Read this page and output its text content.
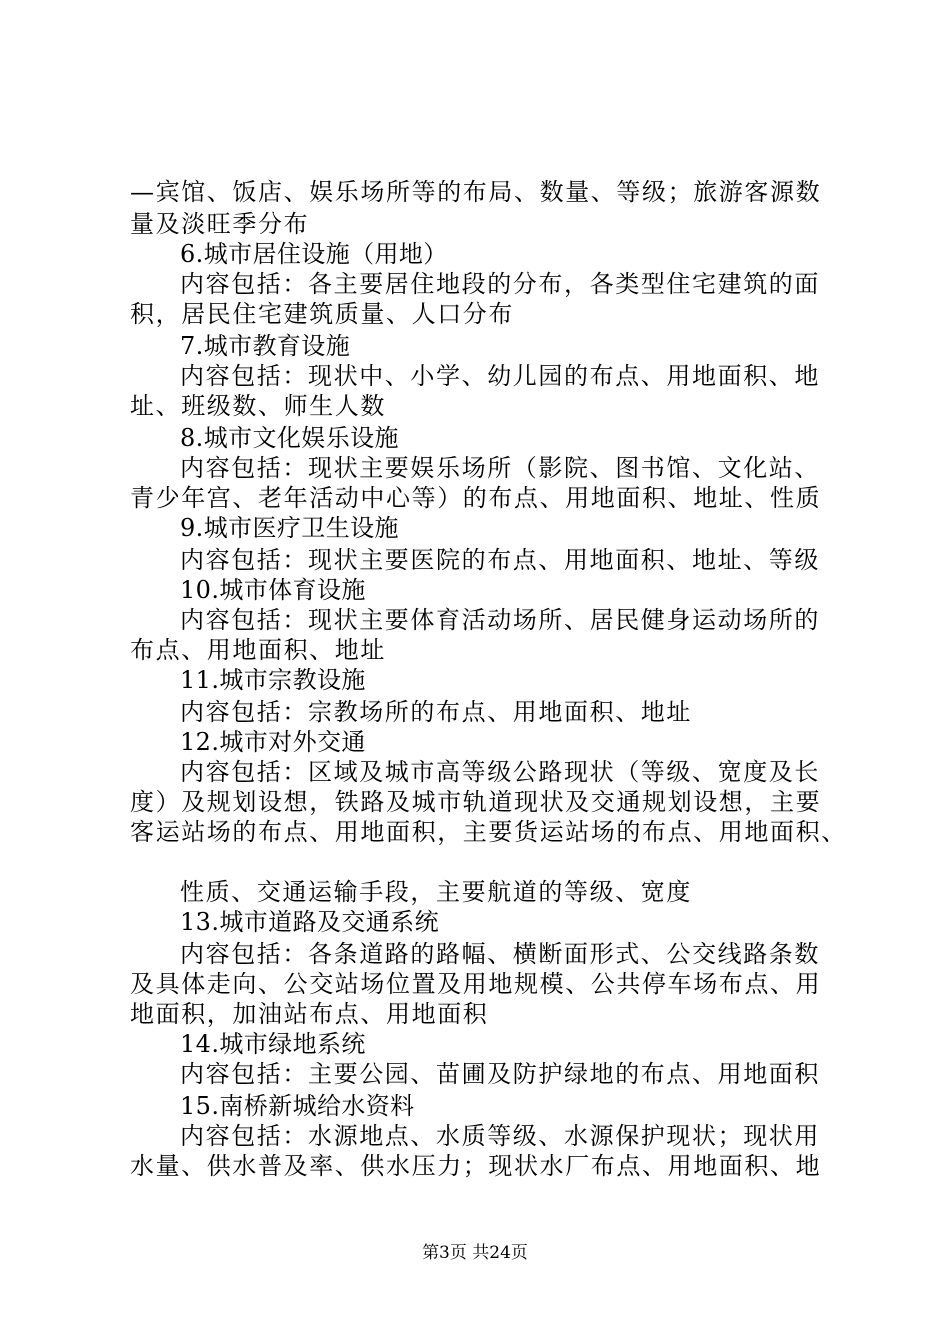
—宾馆、饭店、娱乐场所等的布局、数量、等级；旅游客源数
量及淡旺季分布
6.城市居住设施（用地）
内容包括：各主要居住地段的分布，各类型住宅建筑的面
积，居民住宅建筑质量、人口分布
7.城市教育设施
内容包括：现状中、小学、幼儿园的布点、用地面积、地
址、班级数、师生人数
8.城市文化娱乐设施
内容包括：现状主要娱乐场所（影院、图书馆、文化站、
青少年宫、老年活动中心等）的布点、用地面积、地址、性质
9.城市医疗卫生设施
内容包括：现状主要医院的布点、用地面积、地址、等级
10.城市体育设施
内容包括：现状主要体育活动场所、居民健身运动场所的
布点、用地面积、地址
11.城市宗教设施
内容包括：宗教场所的布点、用地面积、地址
12.城市对外交通
内容包括：区域及城市高等级公路现状（等级、宽度及长
度）及规划设想，铁路及城市轨道现状及交通规划设想，主要
客运站场的布点、用地面积，主要货运站场的布点、用地面积、
性质、交通运输手段，主要航道的等级、宽度
13.城市道路及交通系统
内容包括：各条道路的路幅、横断面形式、公交线路条数
及具体走向、公交站场位置及用地规模、公共停车场布点、用
地面积，加油站布点、用地面积
14.城市绿地系统
内容包括：主要公园、苗圃及防护绿地的布点、用地面积
15.南桥新城给水资料
内容包括：水源地点、水质等级、水源保护现状；现状用
水量、供水普及率、供水压力；现状水厂布点、用地面积、地
第3页 共24页
